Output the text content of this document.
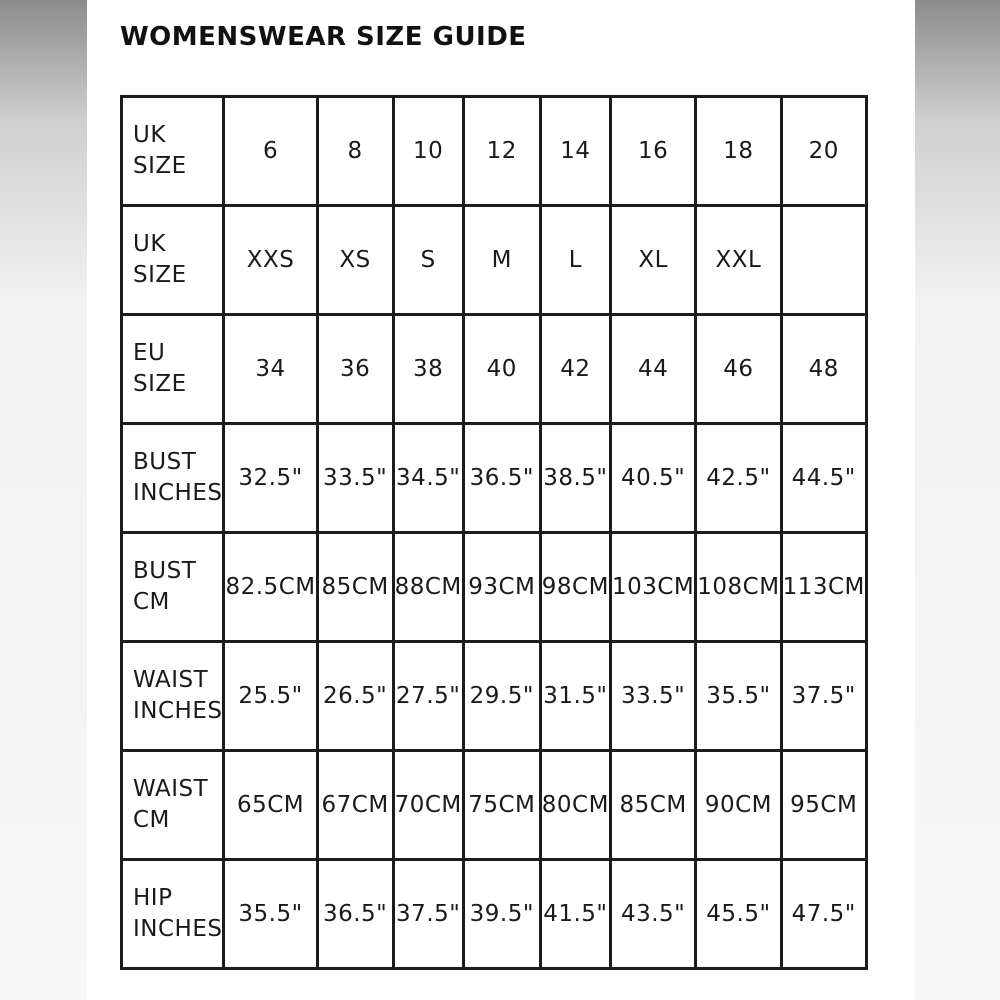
WOMENSWEAR SIZE GUIDE
UK
SIZE	6	8	10	12	14	16	18	20

UK
SIZE	XXS	XS	S	M	L	XL	XXL	

EU
SIZE	34	36	38	40	42	44	46	48

BUST
INCHES	32.5"	33.5"	34.5"	36.5"	38.5"	40.5"	42.5"	44.5"

BUST
CM	82.5CM	85CM	88CM	93CM	98CM	103CM	108CM	113CM

WAIST
INCHES	25.5"	26.5"	27.5"	29.5"	31.5"	33.5"	35.5"	37.5"

WAIST
CM	65CM	67CM	70CM	75CM	80CM	85CM	90CM	95CM

HIP
INCHES	35.5"	36.5"	37.5"	39.5"	41.5"	43.5"	45.5"	47.5"
